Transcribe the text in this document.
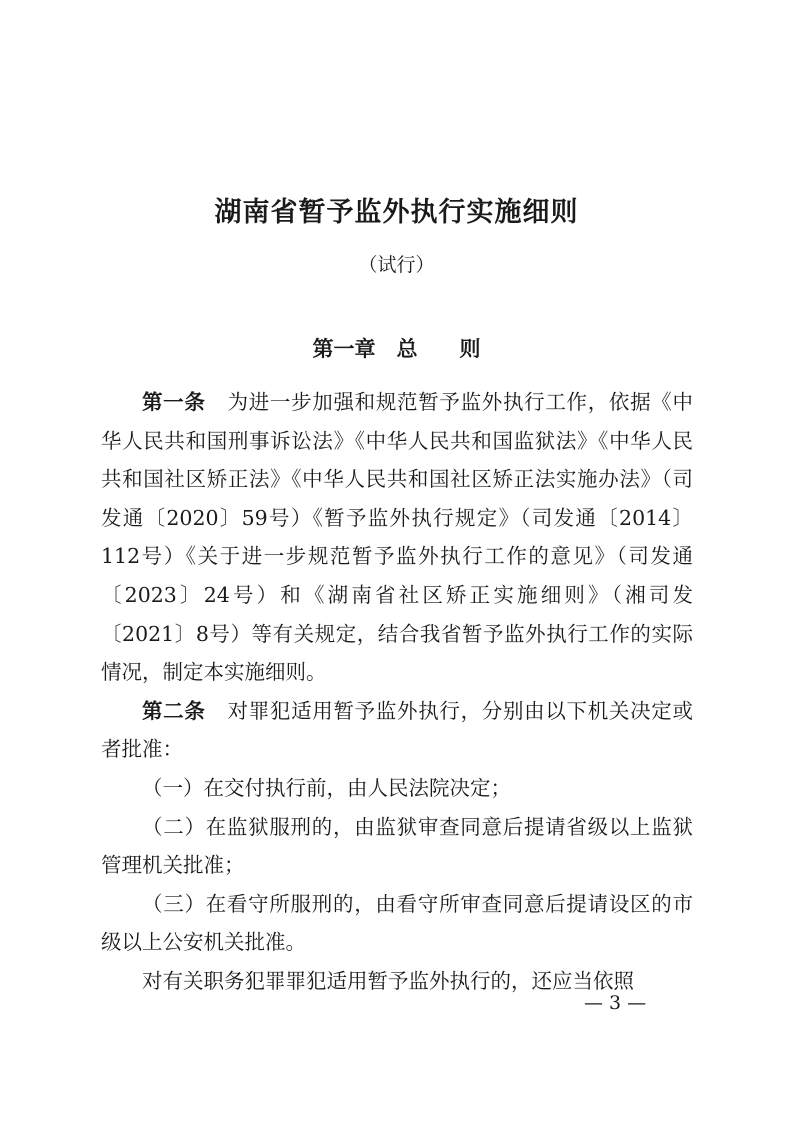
湖南省暂予监外执行实施细则
（试行）
第一章　总　　则

第一条 为进一步加强和规范暂予监外执行工作，依据《中华人民共和国刑事诉讼法》《中华人民共和国监狱法》《中华人民共和国社区矫正法》《中华人民共和国社区矫正法实施办法》（司发通〔2020〕59号）《暂予监外执行规定》（司发通〔2014〕112号）《关于进一步规范暂予监外执行工作的意见》（司发通〔2023〕24号）和《湖南省社区矫正实施细则》（湘司发〔2021〕8号）等有关规定，结合我省暂予监外执行工作的实际情况，制定本实施细则。

第二条 对罪犯适用暂予监外执行，分别由以下机关决定或者批准：

（一）在交付执行前，由人民法院决定；

（二）在监狱服刑的，由监狱审查同意后提请省级以上监狱管理机关批准；

（三）在看守所服刑的，由看守所审查同意后提请设区的市级以上公安机关批准。

对有关职务犯罪罪犯适用暂予监外执行的，还应当依照

— 3 —
